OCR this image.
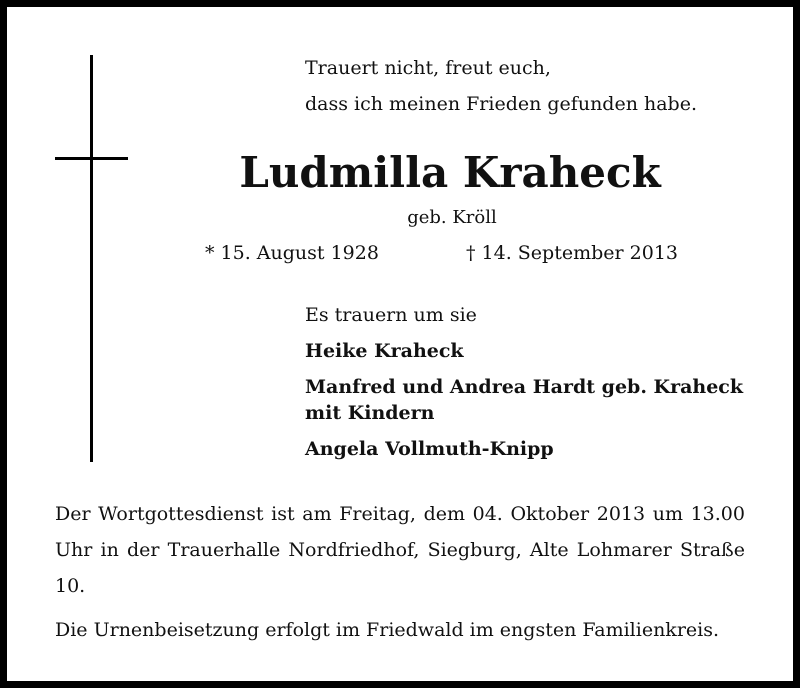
Trauert nicht, freut euch,
dass ich meinen Frieden gefunden habe.
Ludmilla Kraheck
geb. Kröll
* 15. August 1928	† 14. September 2013

Es trauern um sie

Heike Kraheck

Manfred und Andrea Hardt geb. Kraheck mit Kindern

Angela Vollmuth-Knipp

Der Wortgottesdienst ist am Freitag, dem 04. Oktober 2013 um 13.00 Uhr in der Trauerhalle Nordfriedhof, Siegburg, Alte Lohmarer Straße 10.
Die Urnenbeisetzung erfolgt im Friedwald im engsten Familienkreis.
